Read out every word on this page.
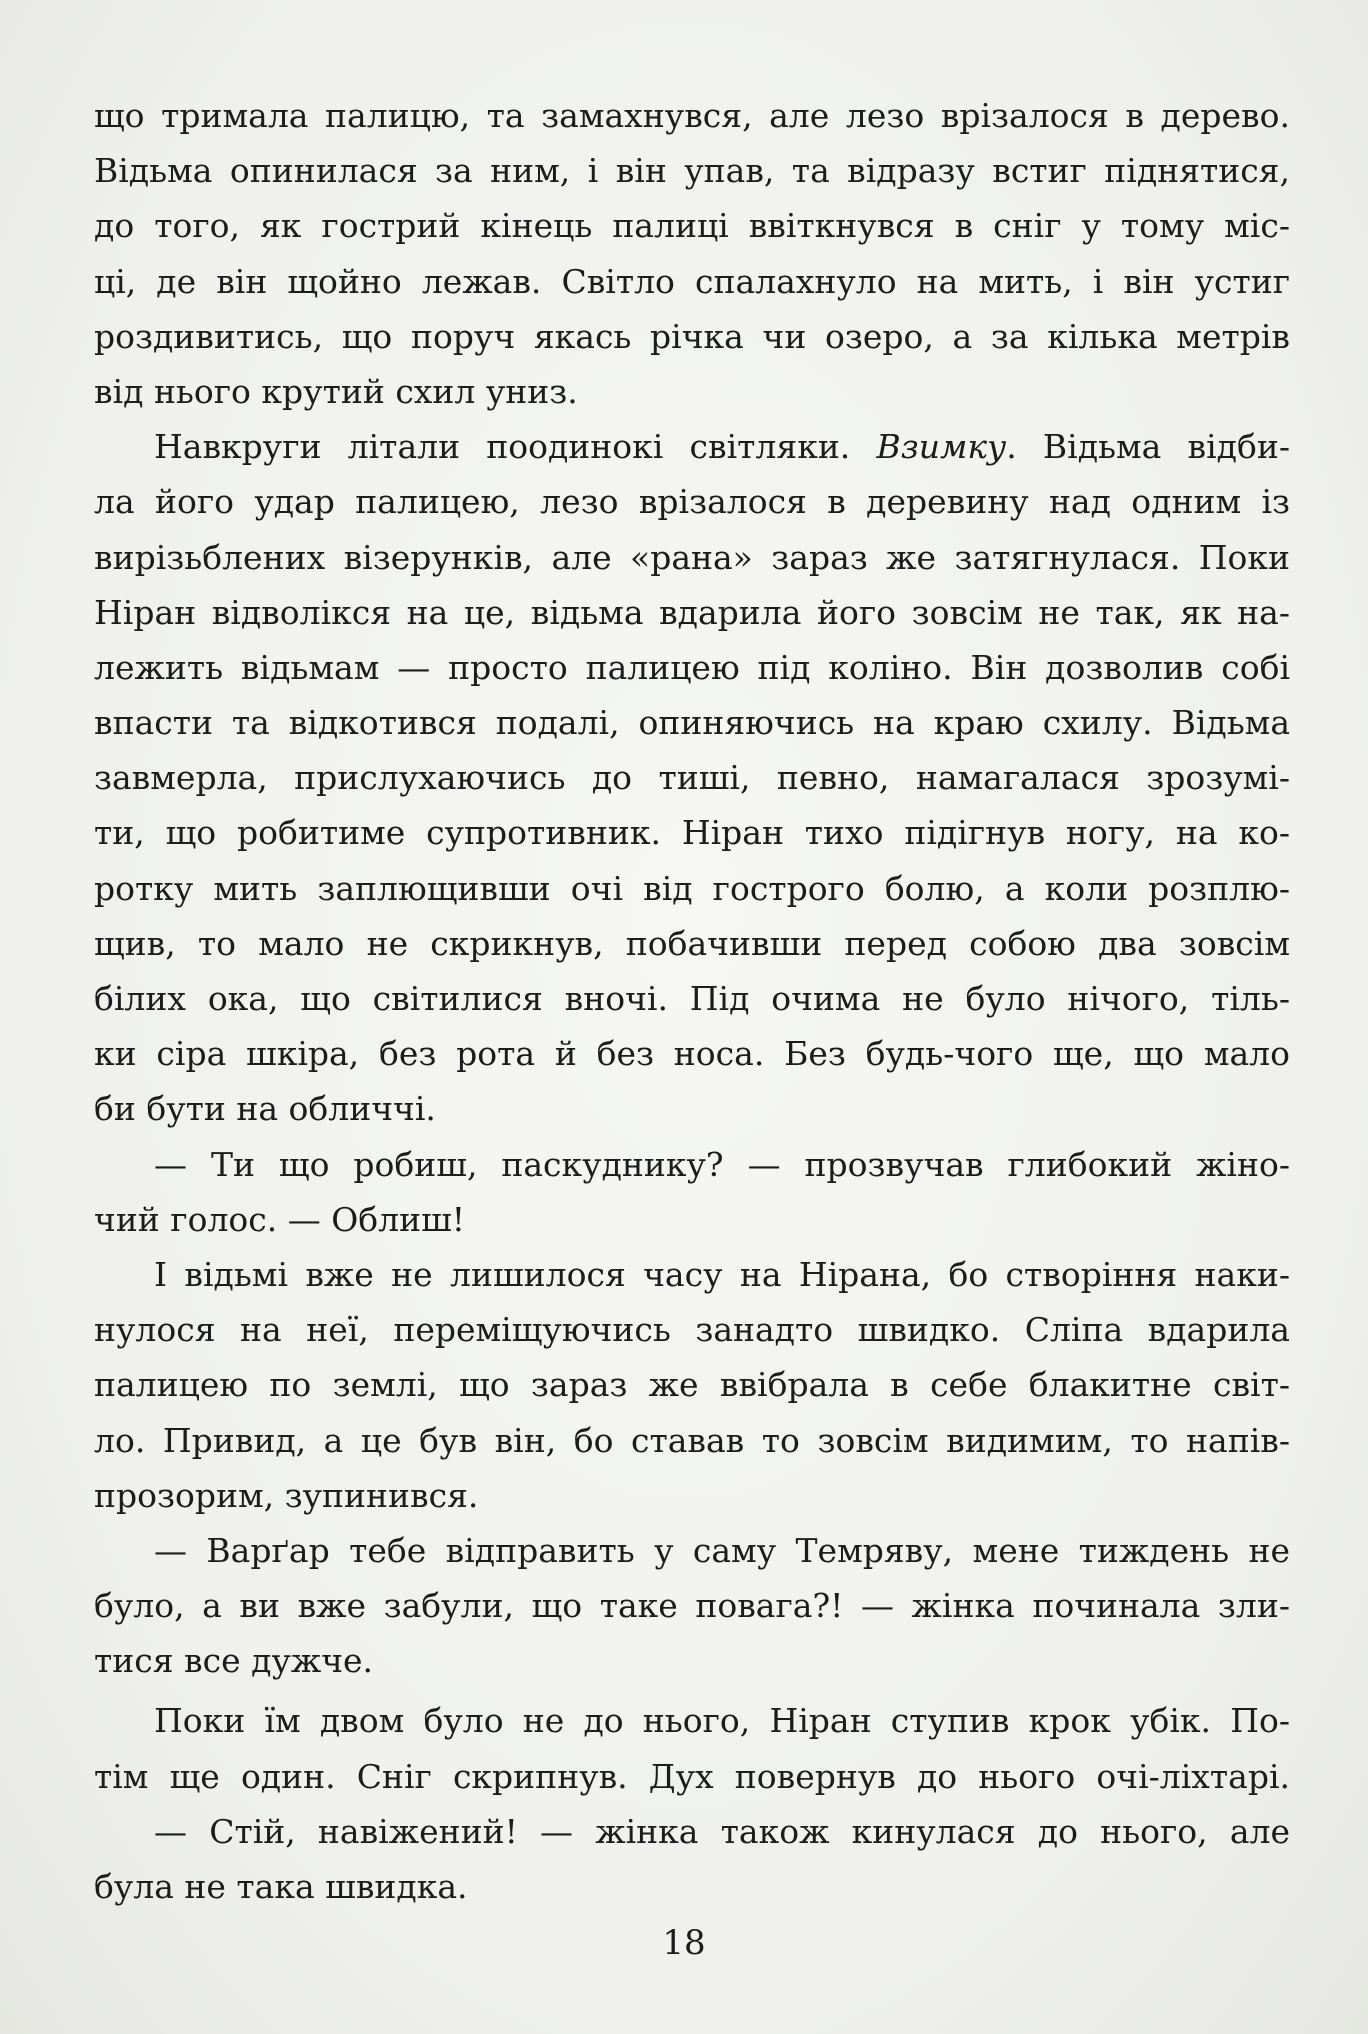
що тримала палицю, та замахнувся, але лезо врізалося в дерево.
Відьма опинилася за ним, і він упав, та відразу встиг піднятися,
до того, як гострий кінець палиці ввіткнувся в сніг у тому міс-
ці, де він щойно лежав. Світло спалахнуло на мить, і він устиг
роздивитись, що поруч якась річка чи озеро, а за кілька метрів
від нього крутий схил униз.
Навкруги літали поодинокі світляки. Взимку. Відьма відби-
ла його удар палицею, лезо врізалося в деревину над одним із
вирізьблених візерунків, але «рана» зараз же затягнулася. Поки
Ніран відволікся на це, відьма вдарила його зовсім не так, як на-
лежить відьмам — просто палицею під коліно. Він дозволив собі
впасти та відкотився подалі, опиняючись на краю схилу. Відьма
завмерла, прислухаючись до тиші, певно, намагалася зрозумі-
ти, що робитиме супротивник. Ніран тихо підігнув ногу, на ко-
ротку мить заплющивши очі від гострого болю, а коли розплю-
щив, то мало не скрикнув, побачивши перед собою два зовсім
білих ока, що світилися вночі. Під очима не було нічого, тіль-
ки сіра шкіра, без рота й без носа. Без будь-чого ще, що мало
би бути на обличчі.
— Ти що робиш, паскуднику? — прозвучав глибокий жіно-
чий голос. — Облиш!
І відьмі вже не лишилося часу на Нірана, бо створіння наки-
нулося на неї, переміщуючись занадто швидко. Сліпа вдарила
палицею по землі, що зараз же ввібрала в себе блакитне світ-
ло. Привид, а це був він, бо ставав то зовсім видимим, то напів-
прозорим, зупинився.
— Варґар тебе відправить у саму Темряву, мене тиждень не
було, а ви вже забули, що таке повага?! — жінка починала зли-
тися все дужче.
Поки їм двом було не до нього, Ніран ступив крок убік. По-
тім ще один. Сніг скрипнув. Дух повернув до нього очі-ліхтарі.
— Стій, навіжений! — жінка також кинулася до нього, але
була не така швидка.
18
